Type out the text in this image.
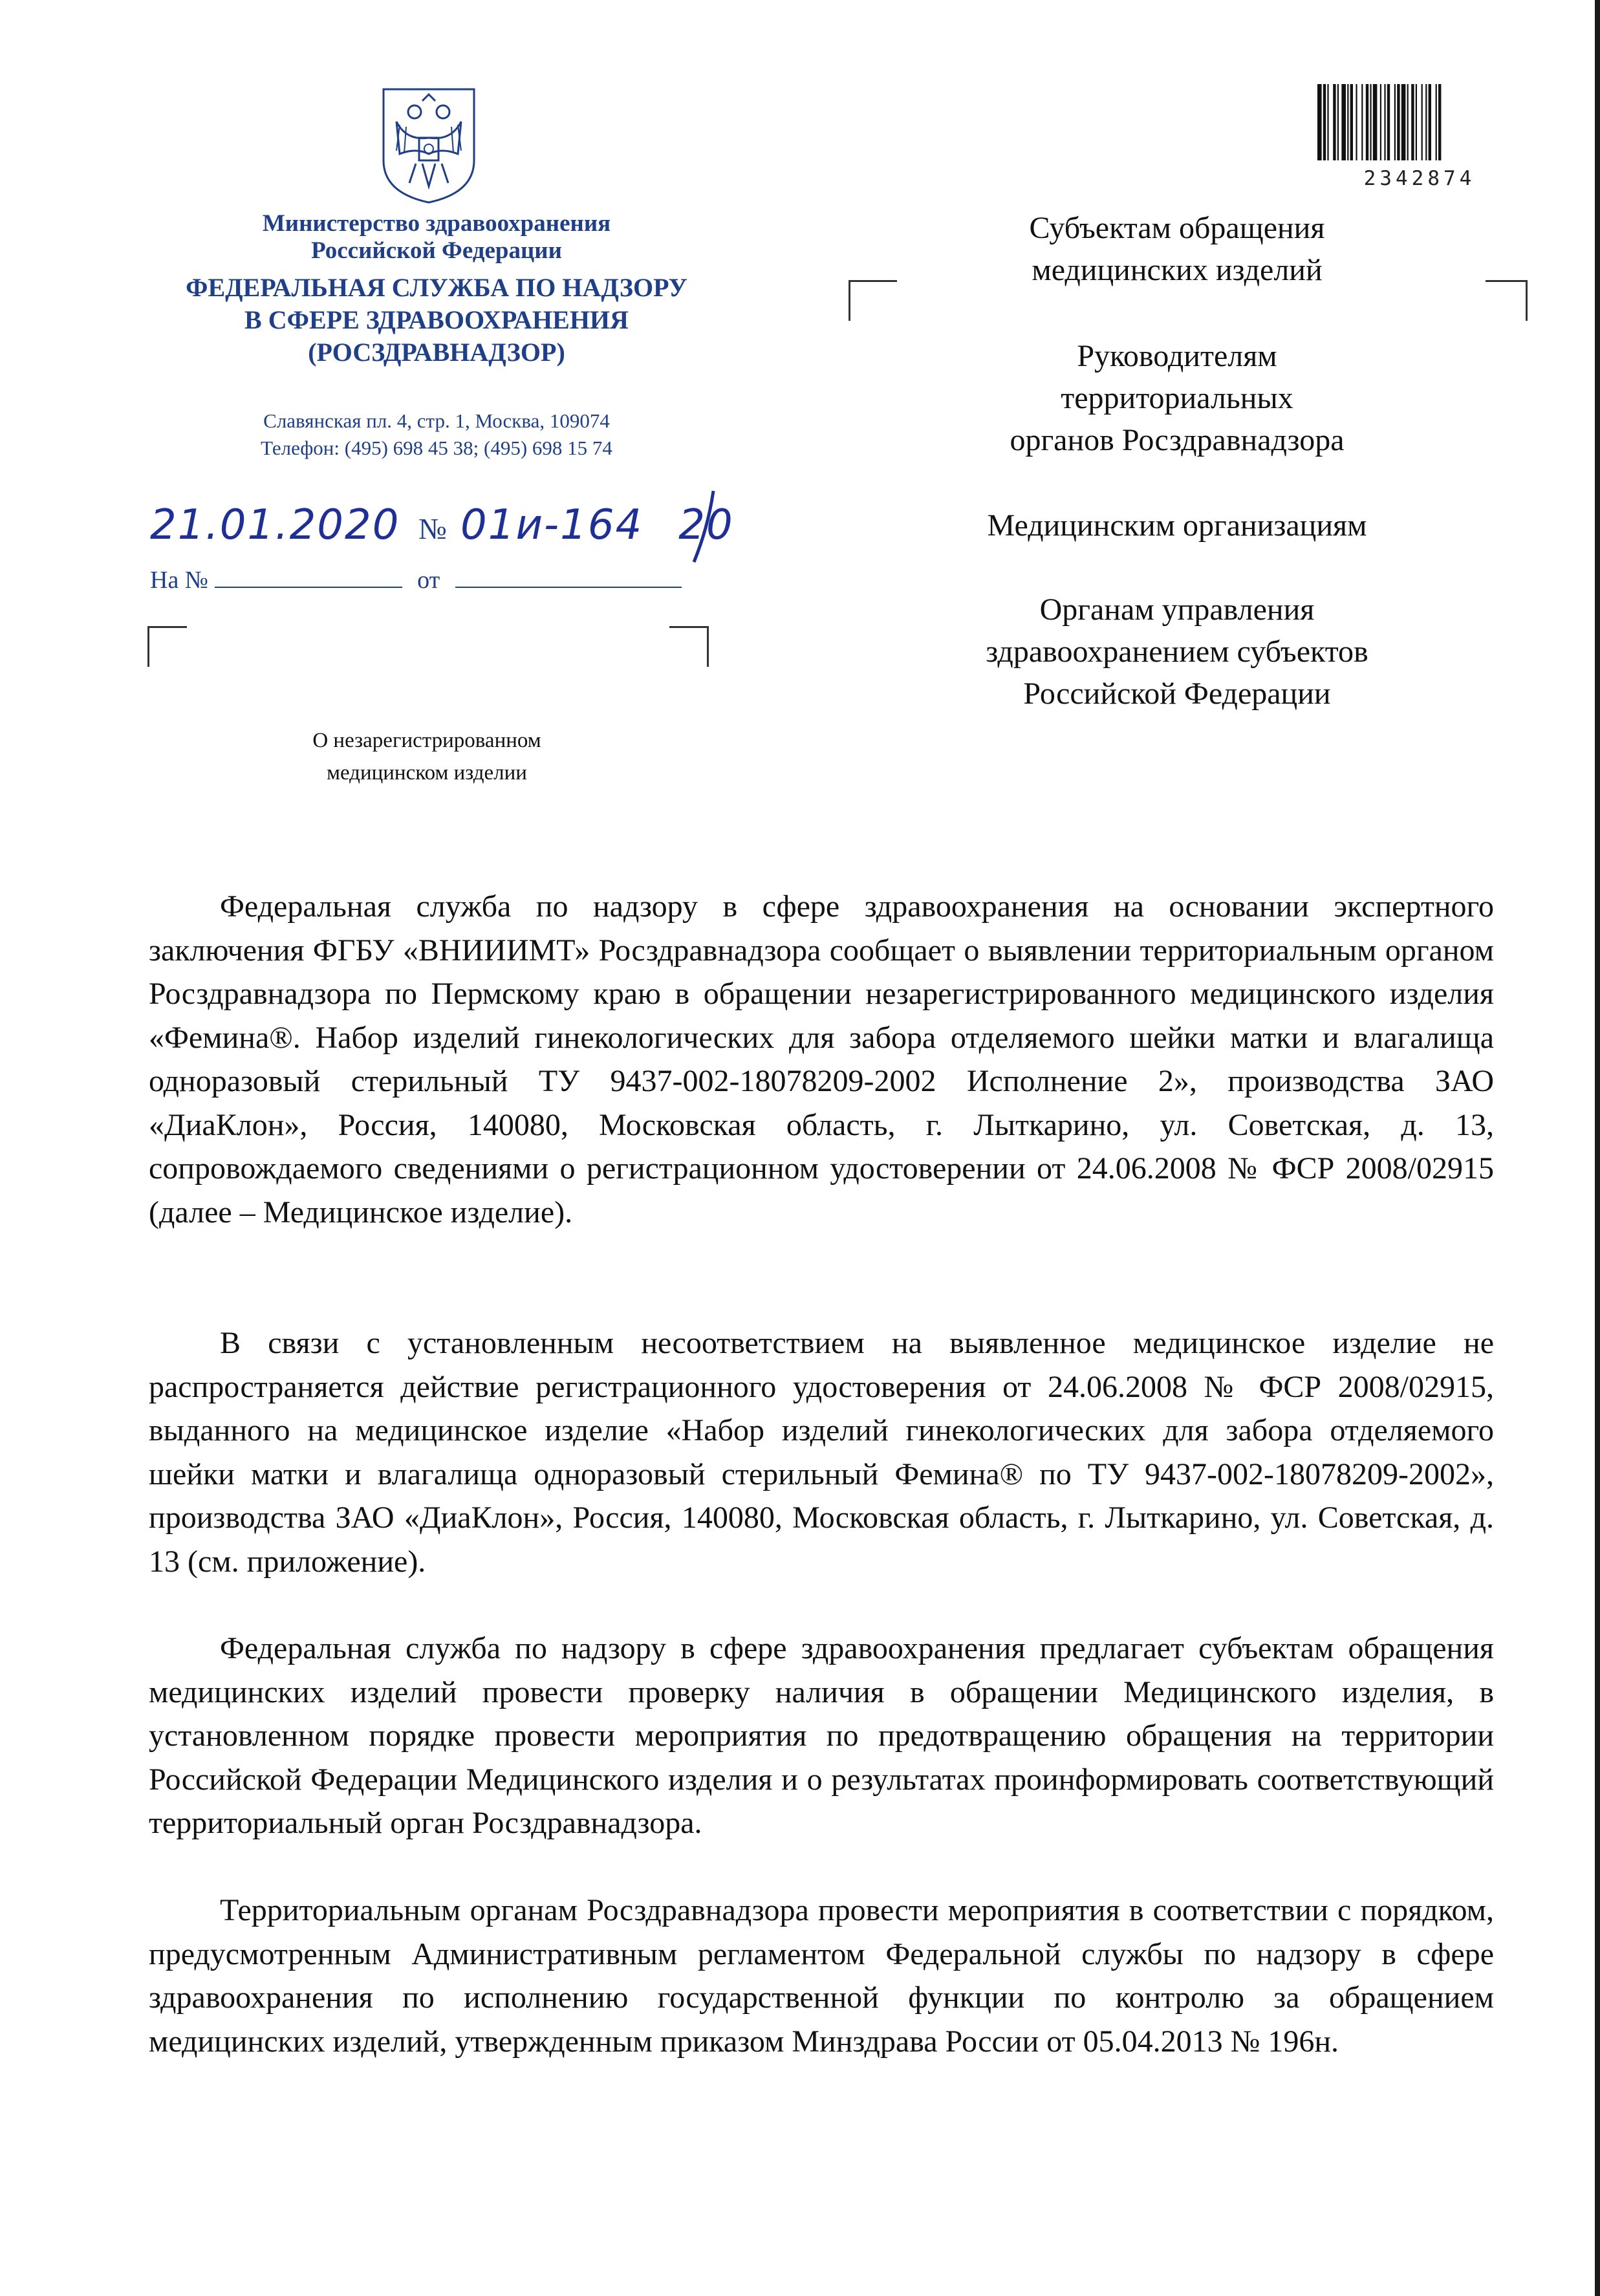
Министерство здравоохранения
Российской Федерации
ФЕДЕРАЛЬНАЯ СЛУЖБА ПО НАДЗОРУ
В СФЕРЕ ЗДРАВООХРАНЕНИЯ
(РОСЗДРАВНАДЗОР)
Славянская пл. 4, стр. 1, Москва, 109074
Телефон: (495) 698 45 38; (495) 698 15 74
21.01.2020 № 01и-164 20
На №	от
2342874
Субъектам обращения
медицинских изделий
Руководителям
территориальных
органов Росздравнадзора
Медицинским организациям
Органам управления
здравоохранением субъектов
Российской Федерации
О незарегистрированном
медицинском изделии

Федеральная служба по надзору в сфере здравоохранения на основании экспертного заключения ФГБУ «ВНИИИМТ» Росздравнадзора сообщает о выявлении территориальным органом Росздравнадзора по Пермскому краю в обращении незарегистрированного медицинского изделия «Фемина®. Набор изделий гинекологических для забора отделяемого шейки матки и влагалища одноразовый стерильный ТУ 9437-002-18078209-2002 Исполнение 2», производства ЗАО «ДиаКлон», Россия, 140080, Московская область, г. Лыткарино, ул. Советская, д. 13, сопровождаемого сведениями о регистрационном удостоверении от 24.06.2008 № ФСР 2008/02915 (далее – Медицинское изделие).

В связи с установленным несоответствием на выявленное медицинское изделие не распространяется действие регистрационного удостоверения от 24.06.2008 № ФСР 2008/02915, выданного на медицинское изделие «Набор изделий гинекологических для забора отделяемого шейки матки и влагалища одноразовый стерильный Фемина® по ТУ 9437-002-18078209-2002», производства ЗАО «ДиаКлон», Россия, 140080, Московская область, г. Лыткарино, ул. Советская, д. 13 (см. приложение).

Федеральная служба по надзору в сфере здравоохранения предлагает субъектам обращения медицинских изделий провести проверку наличия в обращении Медицинского изделия, в установленном порядке провести мероприятия по предотвращению обращения на территории Российской Федерации Медицинского изделия и о результатах проинформировать соответствующий территориальный орган Росздравнадзора.

Территориальным органам Росздравнадзора провести мероприятия в соответствии с порядком, предусмотренным Административным регламентом Федеральной службы по надзору в сфере здравоохранения по исполнению государственной функции по контролю за обращением медицинских изделий, утвержденным приказом Минздрава России от 05.04.2013 № 196н.
